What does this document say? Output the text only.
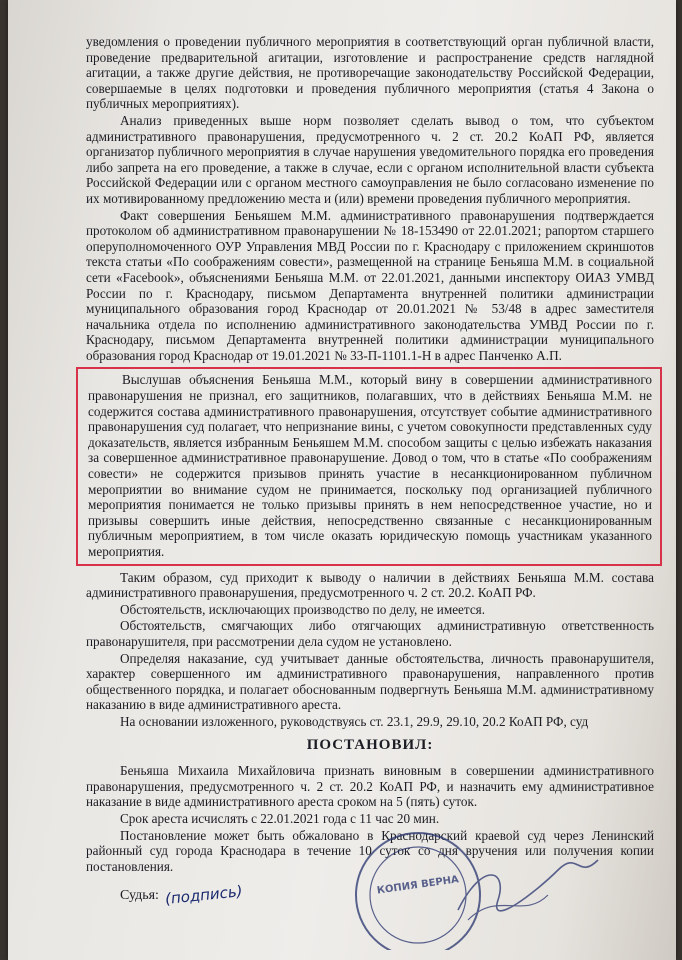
уведомления о проведении публичного мероприятия в соответствующий орган публичной власти, проведение предварительной агитации, изготовление и распространение средств наглядной агитации, а также другие действия, не противоречащие законодательству Российской Федерации, совершаемые в целях подготовки и проведения публичного мероприятия (статья 4 Закона о публичных мероприятиях).

Анализ приведенных выше норм позволяет сделать вывод о том, что субъектом административного правонарушения, предусмотренного ч. 2 ст. 20.2 КоАП РФ, является организатор публичного мероприятия в случае нарушения уведомительного порядка его проведения либо запрета на его проведение, а также в случае, если с органом исполнительной власти субъекта Российской Федерации или с органом местного самоуправления не было согласовано изменение по их мотивированному предложению места и (или) времени проведения публичного мероприятия.

Факт совершения Беньяшем М.М. административного правонарушения подтверждается протоколом об административном правонарушении № 18-153490 от 22.01.2021; рапортом старшего оперуполномоченного ОУР Управления МВД России по г. Краснодару с приложением скриншотов текста статьи «По соображениям совести», размещенной на странице Беньяша М.М. в социальной сети «Facebook», объяснениями Беньяша М.М. от 22.01.2021, данными инспектору ОИАЗ УМВД России по г. Краснодару, письмом Департамента внутренней политики администрации муниципального образования город Краснодар от 20.01.2021 № 53/48 в адрес заместителя начальника отдела по исполнению административного законодательства УМВД России по г. Краснодару, письмом Департамента внутренней политики администрации муниципального образования город Краснодар от 19.01.2021 № 33-П-1101.1-Н в адрес Панченко А.П.

Выслушав объяснения Беньяша М.М., который вину в совершении административного правонарушения не признал, его защитников, полагавших, что в действиях Беньяша М.М. не содержится состава административного правонарушения, отсутствует событие административного правонарушения суд полагает, что непризнание вины, с учетом совокупности представленных суду доказательств, является избранным Беньяшем М.М. способом защиты с целью избежать наказания за совершенное административное правонарушение. Довод о том, что в статье «По соображениям совести» не содержится призывов принять участие в несанкционированном публичном мероприятии во внимание судом не принимается, поскольку под организацией публичного мероприятия понимается не только призывы принять в нем непосредственное участие, но и призывы совершить иные действия, непосредственно связанные с несанкционированным публичным мероприятием, в том числе оказать юридическую помощь участникам указанного мероприятия.

Таким образом, суд приходит к выводу о наличии в действиях Беньяша М.М. состава административного правонарушения, предусмотренного ч. 2 ст. 20.2. КоАП РФ.

Обстоятельств, исключающих производство по делу, не имеется.

Обстоятельств, смягчающих либо отягчающих административную ответственность правонарушителя, при рассмотрении дела судом не установлено.

Определяя наказание, суд учитывает данные обстоятельства, личность правонарушителя, характер совершенного им административного правонарушения, направленного против общественного порядка, и полагает обоснованным подвергнуть Беньяша М.М. административному наказанию в виде административного ареста.

На основании изложенного, руководствуясь ст. 23.1, 29.9, 29.10, 20.2 КоАП РФ, суд

ПОСТАНОВИЛ:

Беньяша Михаила Михайловича признать виновным в совершении административного правонарушения, предусмотренного ч. 2 ст. 20.2 КоАП РФ, и назначить ему административное наказание в виде административного ареста сроком на 5 (пять) суток.

Срок ареста исчислять с 22.01.2021 года с 11 час 20 мин.

Постановление может быть обжаловано в Краснодарский краевой суд через Ленинский районный суд города Краснодара в течение 10 суток со дня вручения или получения копии постановления.

Судья: (подпись)	КОПИЯ ВЕРНА
